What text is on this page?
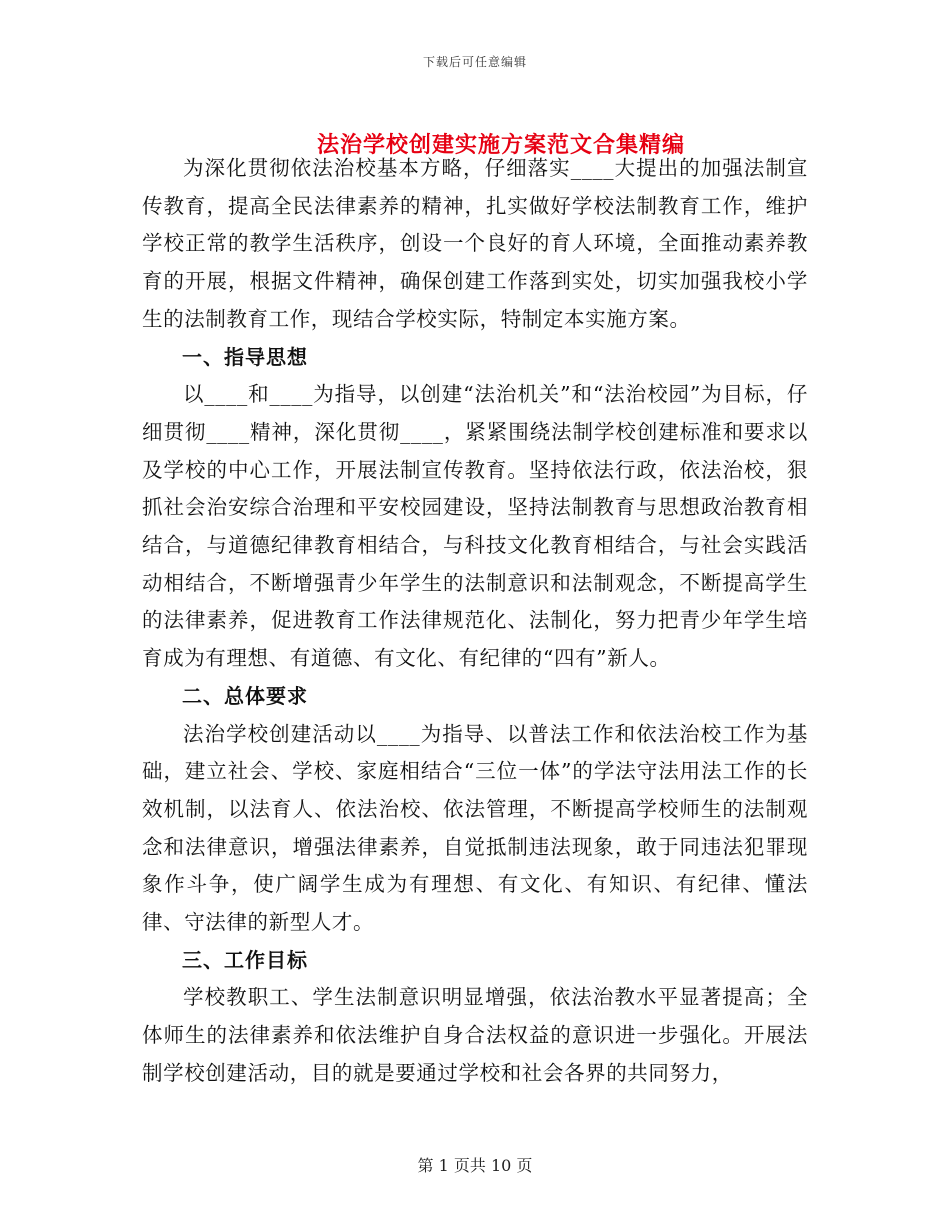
下载后可任意编辑
法治学校创建实施方案范文合集精编

为深化贯彻依法治校基本方略，仔细落实____大提出的加强法制宣传教育，提高全民法律素养的精神，扎实做好学校法制教育工作，维护学校正常的教学生活秩序，创设一个良好的育人环境，全面推动素养教育的开展，根据文件精神，确保创建工作落到实处，切实加强我校小学生的法制教育工作，现结合学校实际，特制定本实施方案。

一、指导思想

以____和____为指导，以创建“法治机关”和“法治校园”为目标，仔细贯彻____精神，深化贯彻____，紧紧围绕法制学校创建标准和要求以及学校的中心工作，开展法制宣传教育。坚持依法行政，依法治校，狠抓社会治安综合治理和平安校园建设，坚持法制教育与思想政治教育相结合，与道德纪律教育相结合，与科技文化教育相结合，与社会实践活动相结合，不断增强青少年学生的法制意识和法制观念，不断提高学生的法律素养，促进教育工作法律规范化、法制化，努力把青少年学生培育成为有理想、有道德、有文化、有纪律的“四有”新人。

二、总体要求

法治学校创建活动以____为指导、以普法工作和依法治校工作为基础，建立社会、学校、家庭相结合“三位一体”的学法守法用法工作的长效机制，以法育人、依法治校、依法管理，不断提高学校师生的法制观念和法律意识，增强法律素养，自觉抵制违法现象，敢于同违法犯罪现象作斗争，使广阔学生成为有理想、有文化、有知识、有纪律、懂法律、守法律的新型人才。

三、工作目标

学校教职工、学生法制意识明显增强，依法治教水平显著提高；全体师生的法律素养和依法维护自身合法权益的意识进一步强化。开展法制学校创建活动，目的就是要通过学校和社会各界的共同努力，

第 1 页共 10 页
